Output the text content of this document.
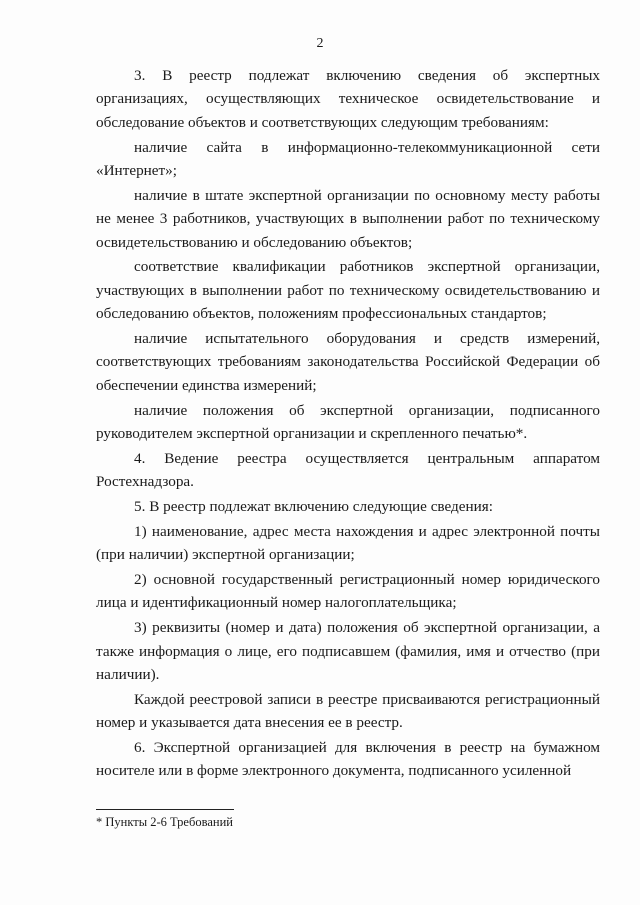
2

3. В реестр подлежат включению сведения об экспертных организациях, осуществляющих техническое освидетельствование и обследование объектов и соответствующих следующим требованиям:

наличие сайта в информационно-телекоммуникационной сети «Интернет»;

наличие в штате экспертной организации по основному месту работы не менее 3 работников, участвующих в выполнении работ по техническому освидетельствованию и обследованию объектов;

соответствие квалификации работников экспертной организации, участвующих в выполнении работ по техническому освидетельствованию и обследованию объектов, положениям профессиональных стандартов;

наличие испытательного оборудования и средств измерений, соответствующих требованиям законодательства Российской Федерации об обеспечении единства измерений;

наличие положения об экспертной организации, подписанного руководителем экспертной организации и скрепленного печатью*.

4. Ведение реестра осуществляется центральным аппаратом Ростехнадзора.

5. В реестр подлежат включению следующие сведения:

1) наименование, адрес места нахождения и адрес электронной почты (при наличии) экспертной организации;

2) основной государственный регистрационный номер юридического лица и идентификационный номер налогоплательщика;

3) реквизиты (номер и дата) положения об экспертной организации, а также информация о лице, его подписавшем (фамилия, имя и отчество (при наличии).

Каждой реестровой записи в реестре присваиваются регистрационный номер и указывается дата внесения ее в реестр.

6. Экспертной организацией для включения в реестр на бумажном носителе или в форме электронного документа, подписанного усиленной

* Пункты 2-6 Требований
